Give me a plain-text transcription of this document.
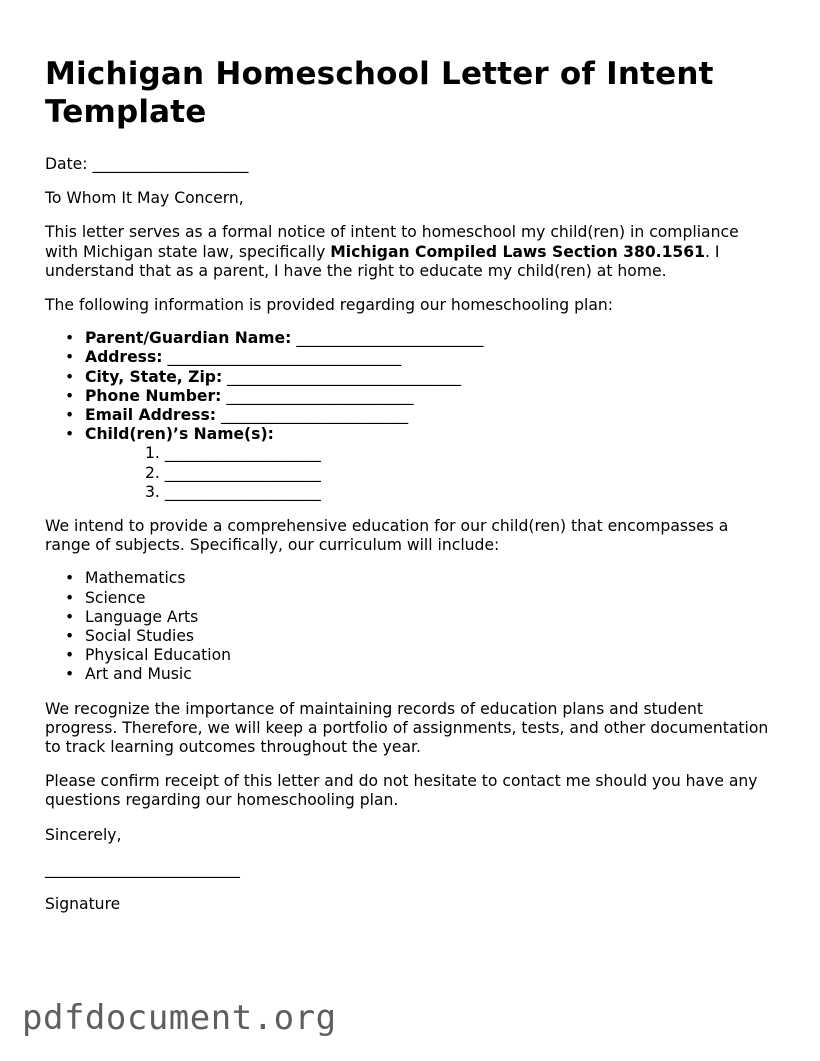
Michigan Homeschool Letter of Intent Template

Date: ____________________

To Whom It May Concern,

This letter serves as a formal notice of intent to homeschool my child(ren) in compliance with Michigan state law, specifically Michigan Compiled Laws Section 380.1561. I understand that as a parent, I have the right to educate my child(ren) at home.

The following information is provided regarding our homeschooling plan:

• Parent/Guardian Name: ________________________
• Address: ______________________________
• City, State, Zip: ______________________________
• Phone Number: ________________________
• Email Address: ________________________
• Child(ren)’s Name(s):
1. ____________________
2. ____________________
3. ____________________

We intend to provide a comprehensive education for our child(ren) that encompasses a range of subjects. Specifically, our curriculum will include:

• Mathematics
• Science
• Language Arts
• Social Studies
• Physical Education
• Art and Music

We recognize the importance of maintaining records of education plans and student progress. Therefore, we will keep a portfolio of assignments, tests, and other documentation to track learning outcomes throughout the year.

Please confirm receipt of this letter and do not hesitate to contact me should you have any questions regarding our homeschooling plan.

Sincerely,

_________________________
Signature
pdfdocument.org
